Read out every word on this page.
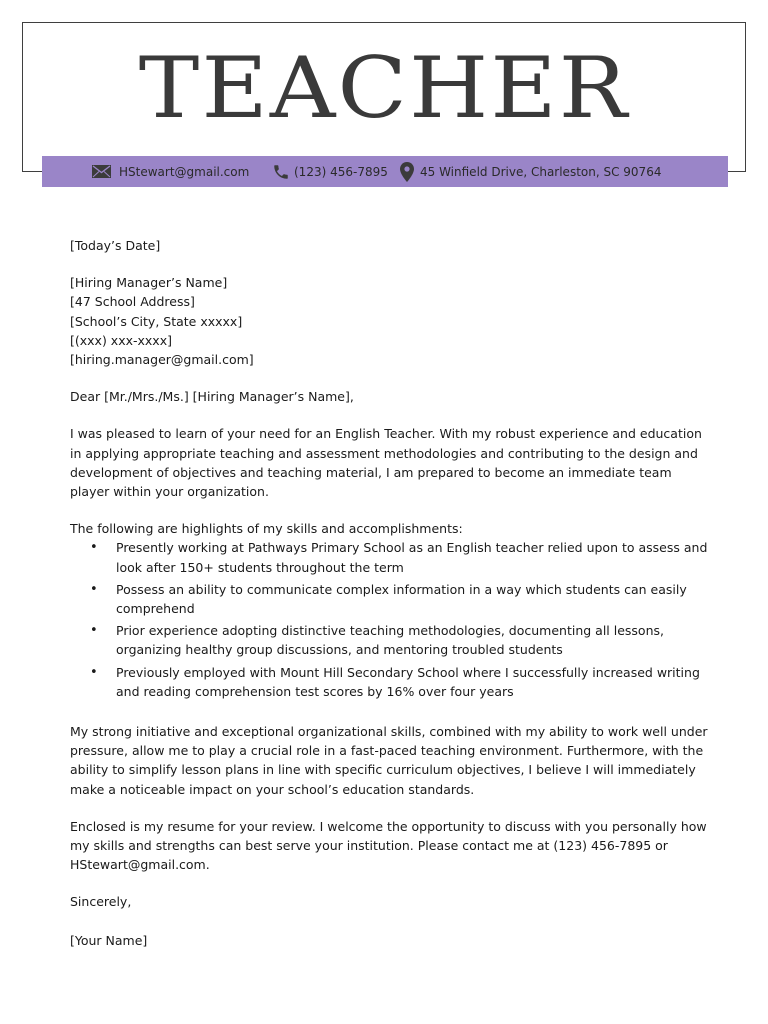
TEACHER
HStewart@gmail.com	(123) 456-7895	45 Winfield Drive, Charleston, SC 90764

[Today’s Date]

[Hiring Manager’s Name]

[47 School Address]

[School’s City, State xxxxx]

[(xxx) xxx-xxxx]

[hiring.manager@gmail.com]

Dear [Mr./Mrs./Ms.] [Hiring Manager’s Name],

I was pleased to learn of your need for an English Teacher. With my robust experience and education in applying appropriate teaching and assessment methodologies and contributing to the design and development of objectives and teaching material, I am prepared to become an immediate team player within your organization.

The following are highlights of my skills and accomplishments:

• Presently working at Pathways Primary School as an English teacher relied upon to assess and look after 150+ students throughout the term
• Possess an ability to communicate complex information in a way which students can easily comprehend
• Prior experience adopting distinctive teaching methodologies, documenting all lessons, organizing healthy group discussions, and mentoring troubled students
• Previously employed with Mount Hill Secondary School where I successfully increased writing and reading comprehension test scores by 16% over four years

My strong initiative and exceptional organizational skills, combined with my ability to work well under pressure, allow me to play a crucial role in a fast-paced teaching environment. Furthermore, with the ability to simplify lesson plans in line with specific curriculum objectives, I believe I will immediately make a noticeable impact on your school’s education standards.

Enclosed is my resume for your review. I welcome the opportunity to discuss with you personally how my skills and strengths can best serve your institution. Please contact me at (123) 456-7895 or HStewart@gmail.com.

Sincerely,

[Your Name]
